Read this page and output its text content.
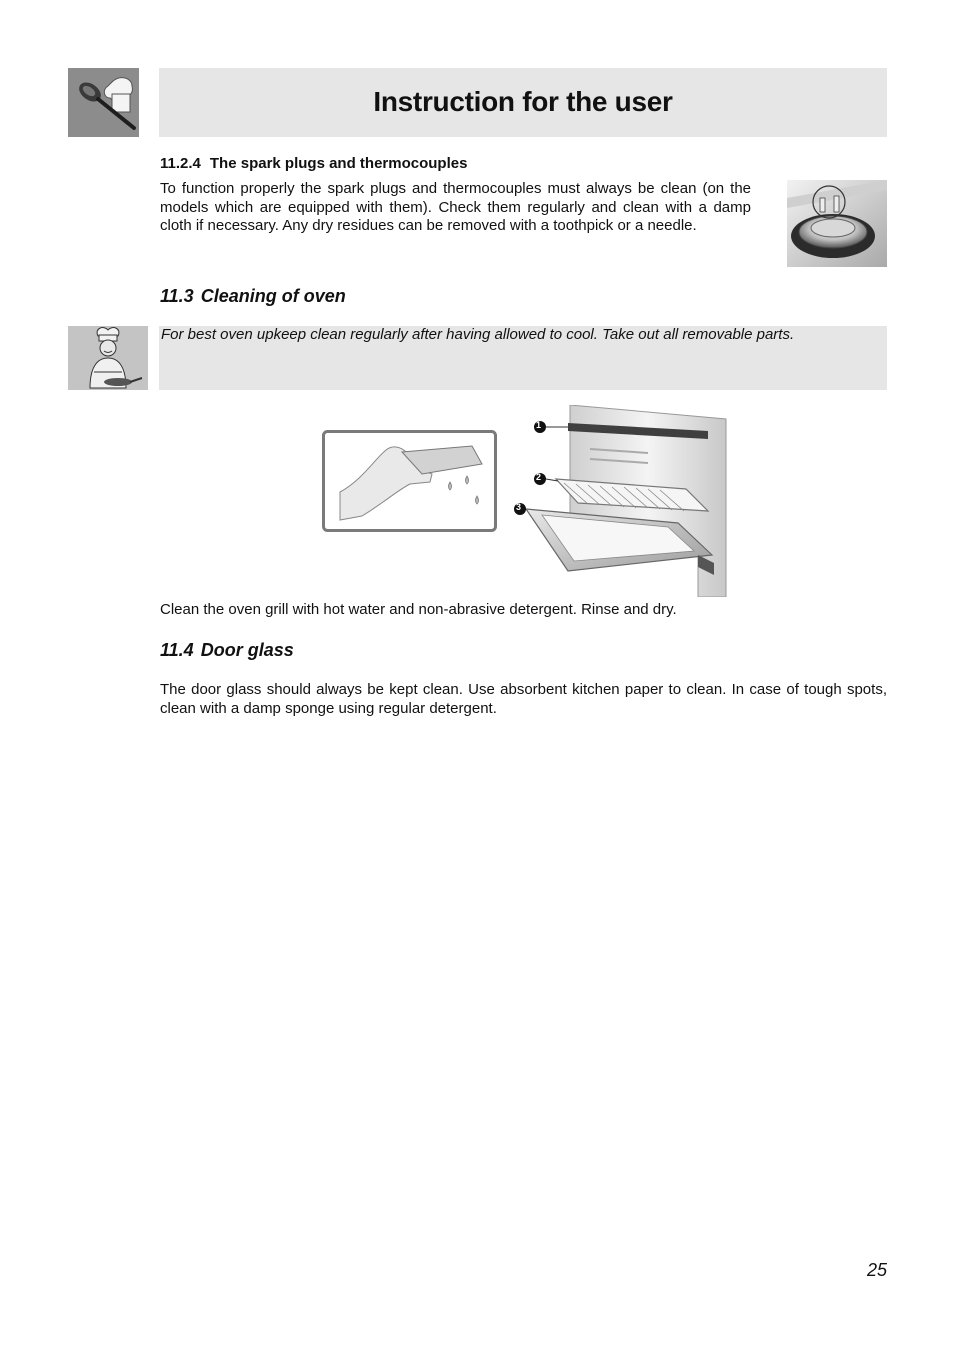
Instruction for the user
11.2.4 The spark plugs and thermocouples
To function properly the spark plugs and thermocouples must always be clean (on the models which are equipped with them). Check them regularly and clean with a damp cloth if necessary. Any dry residues can be removed with a toothpick or a needle.
11.3 Cleaning of oven
For best oven upkeep clean regularly after having allowed to cool. Take out all removable parts.
1
2
3
Clean the oven grill with hot water and non-abrasive detergent. Rinse and dry.
11.4 Door glass
The door glass should always be kept clean. Use absorbent kitchen paper to clean. In case of tough spots, clean with a damp sponge using regular detergent.
25
